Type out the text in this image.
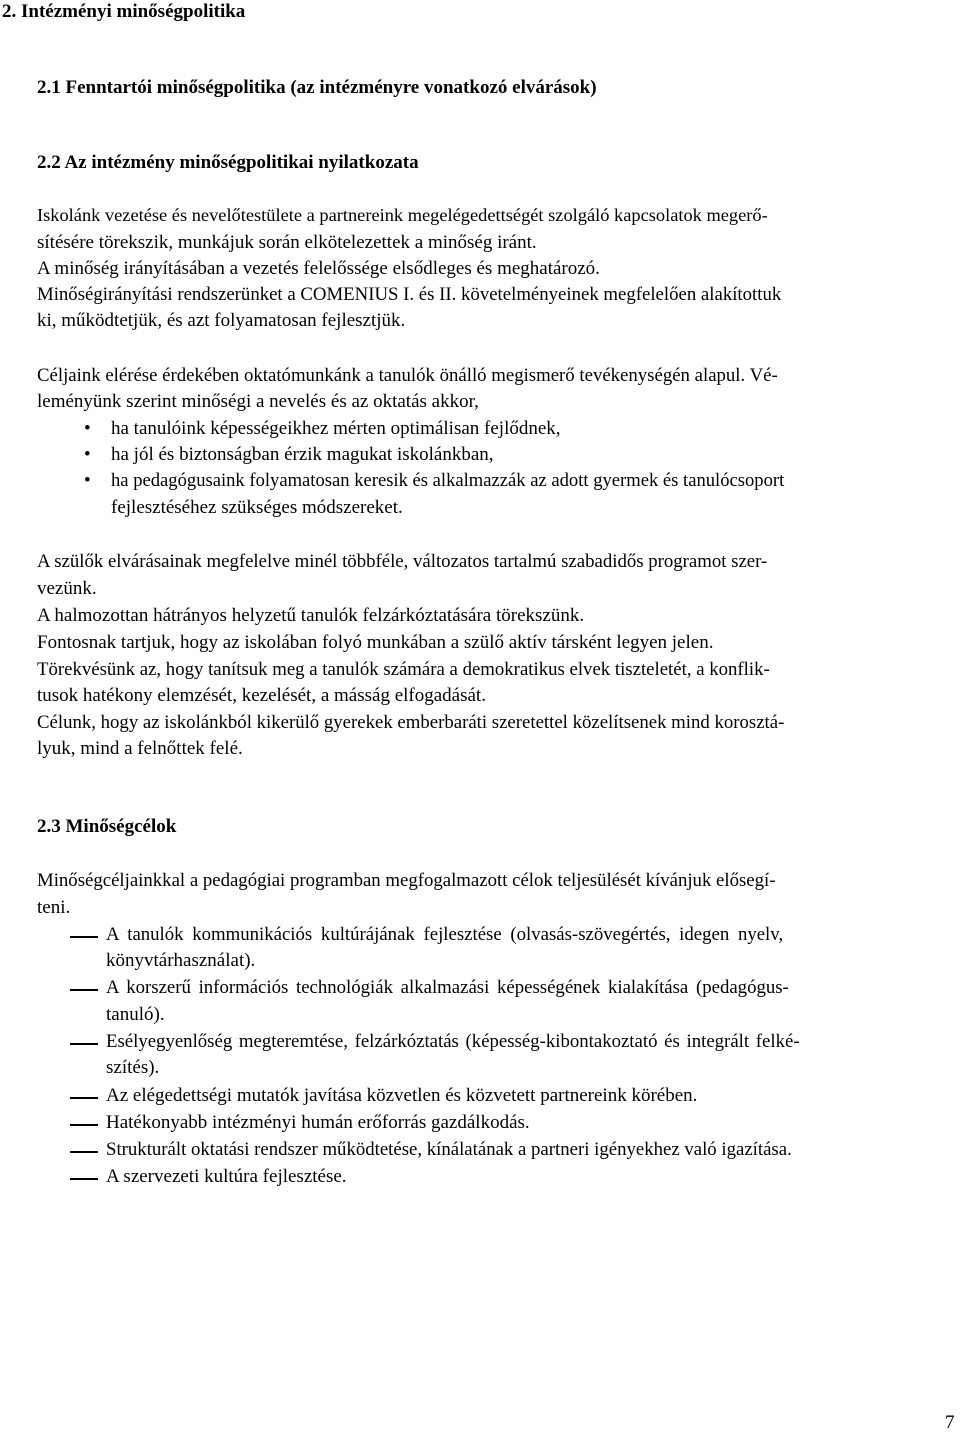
2. Intézményi minőségpolitika
2.1 Fenntartói minőségpolitika (az intézményre vonatkozó elvárások)
2.2 Az intézmény minőségpolitikai nyilatkozata
Iskolánk vezetése és nevelőtestülete a partnereink megelégedettségét szolgáló kapcsolatok megerő-
sítésére törekszik, munkájuk során elkötelezettek a minőség iránt.
A minőség irányításában a vezetés felelőssége elsődleges és meghatározó.
Minőségirányítási rendszerünket a COMENIUS I. és II. követelményeinek megfelelően alakítottuk
ki, működtetjük, és azt folyamatosan fejlesztjük.
Céljaink elérése érdekében oktatómunkánk a tanulók önálló megismerő tevékenységén alapul. Vé-
leményünk szerint minőségi a nevelés és az oktatás akkor,
• ha tanulóink képességeikhez mérten optimálisan fejlődnek,
• ha jól és biztonságban érzik magukat iskolánkban,
• ha pedagógusaink folyamatosan keresik és alkalmazzák az adott gyermek és tanulócsoport
fejlesztéséhez szükséges módszereket.
A szülők elvárásainak megfelelve minél többféle, változatos tartalmú szabadidős programot szer-
vezünk.
A halmozottan hátrányos helyzetű tanulók felzárkóztatására törekszünk.
Fontosnak tartjuk, hogy az iskolában folyó munkában a szülő aktív társként legyen jelen.
Törekvésünk az, hogy tanítsuk meg a tanulók számára a demokratikus elvek tiszteletét, a konflik-
tusok hatékony elemzését, kezelését, a másság elfogadását.
Célunk, hogy az iskolánkból kikerülő gyerekek emberbaráti szeretettel közelítsenek mind korosztá-
lyuk, mind a felnőttek felé.
2.3 Minőségcélok
Minőségcéljainkkal a pedagógiai programban megfogalmazott célok teljesülését kívánjuk elősegí-
teni.
A tanulók kommunikációs kultúrájának fejlesztése (olvasás-szövegértés, idegen nyelv,
könyvtárhasználat).
A korszerű információs technológiák alkalmazási képességének kialakítása (pedagógus-
tanuló).
Esélyegyenlőség megteremtése, felzárkóztatás (képesség-kibontakoztató és integrált felké-
szítés).
Az elégedettségi mutatók javítása közvetlen és közvetett partnereink körében.
Hatékonyabb intézményi humán erőforrás gazdálkodás.
Strukturált oktatási rendszer működtetése, kínálatának a partneri igényekhez való igazítása.
A szervezeti kultúra fejlesztése.
7
